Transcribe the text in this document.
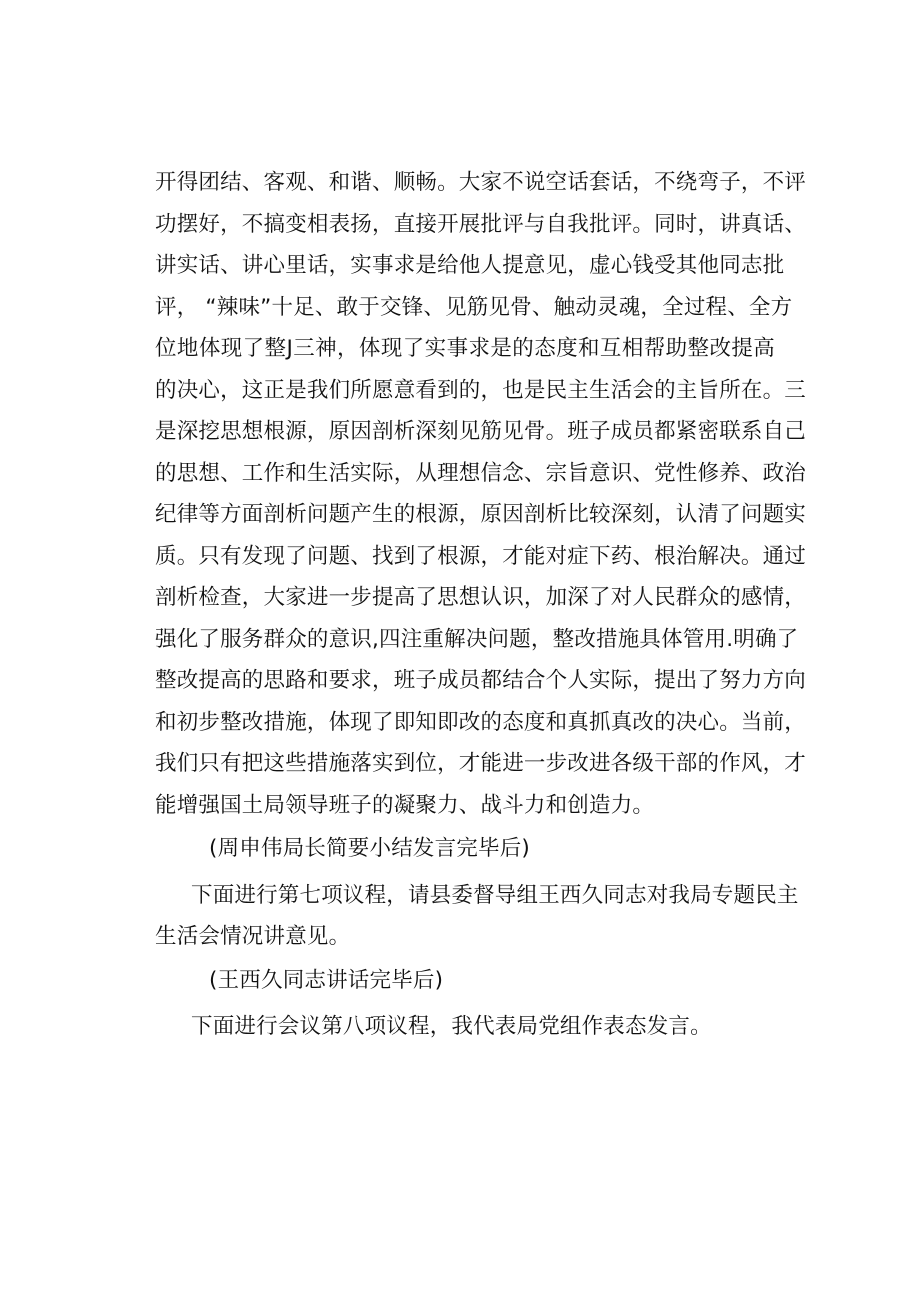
开得团结、客观、和谐、顺畅。大家不说空话套话，不绕弯子，不评
功摆好，不搞变相表扬，直接开展批评与自我批评。同时，讲真话、
讲实话、讲心里话，实事求是给他人提意见，虚心钱受其他同志批
评， “辣味”十足、敢于交锋、见筋见骨、触动灵魂，全过程、全方
位地体现了整J三神，体现了实事求是的态度和互相帮助整改提高
的决心，这正是我们所愿意看到的，也是民主生活会的主旨所在。三
是深挖思想根源，原因剖析深刻见筋见骨。班子成员都紧密联系自己
的思想、工作和生活实际，从理想信念、宗旨意识、党性修养、政治
纪律等方面剖析问题产生的根源，原因剖析比较深刻，认清了问题实
质。只有发现了问题、找到了根源，才能对症下药、根治解决。通过
剖析检查，大家进一步提高了思想认识，加深了对人民群众的感情，
强化了服务群众的意识,四注重解决问题，整改措施具体管用.明确了
整改提高的思路和要求，班子成员都结合个人实际，提出了努力方向
和初步整改措施，体现了即知即改的态度和真抓真改的决心。当前，
我们只有把这些措施落实到位，才能进一步改进各级干部的作风，才
能增强国土局领导班子的凝聚力、战斗力和创造力。
(周申伟局长简要小结发言完毕后)
下面进行第七项议程，请县委督导组王西久同志对我局专题民主
生活会情况讲意见。
(王西久同志讲话完毕后)
下面进行会议第八项议程，我代表局党组作表态发言。
